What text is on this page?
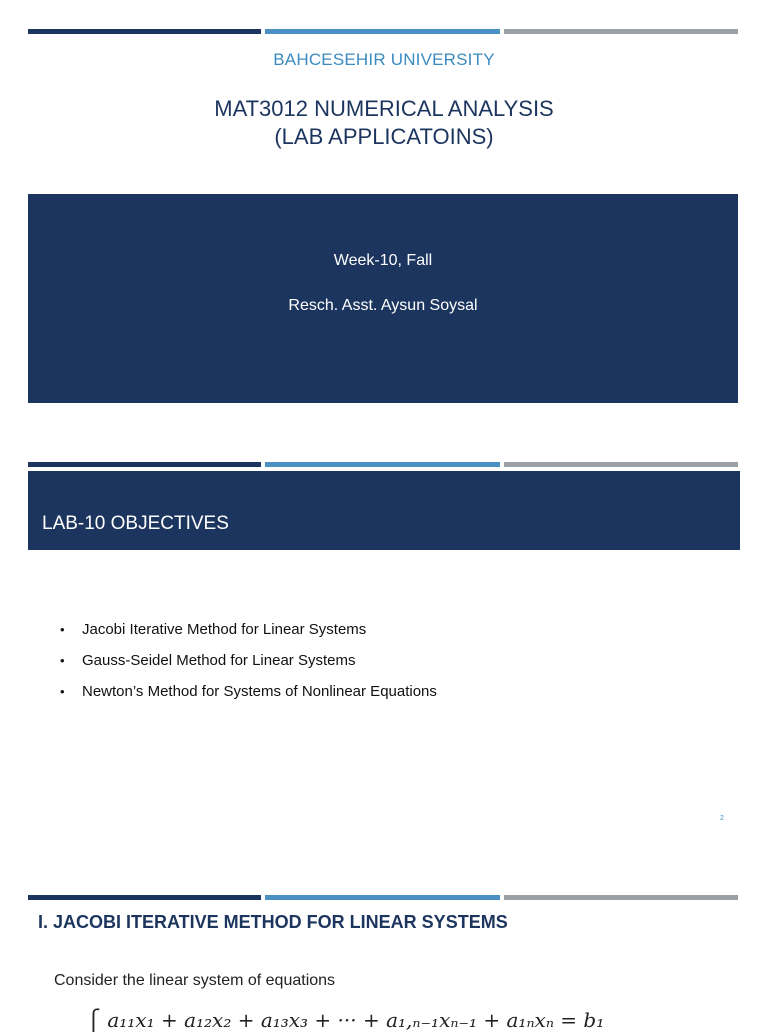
BAHCESEHIR UNIVERSITY
MAT3012 NUMERICAL ANALYSIS
(LAB APPLICATOINS)
Week-10, Fall
Resch. Asst. Aysun Soysal
LAB-10 OBJECTIVES
• Jacobi Iterative Method for Linear Systems
• Gauss-Seidel Method for Linear Systems
• Newton’s Method for Systems of Nonlinear Equations
2
I. JACOBI ITERATIVE METHOD FOR LINEAR SYSTEMS
Consider the linear system of equations
⎧ a₁₁x₁ + a₁₂x₂ + a₁₃x₃ + ··· + a₁,ₙ₋₁xₙ₋₁ + a₁ₙxₙ = b₁
